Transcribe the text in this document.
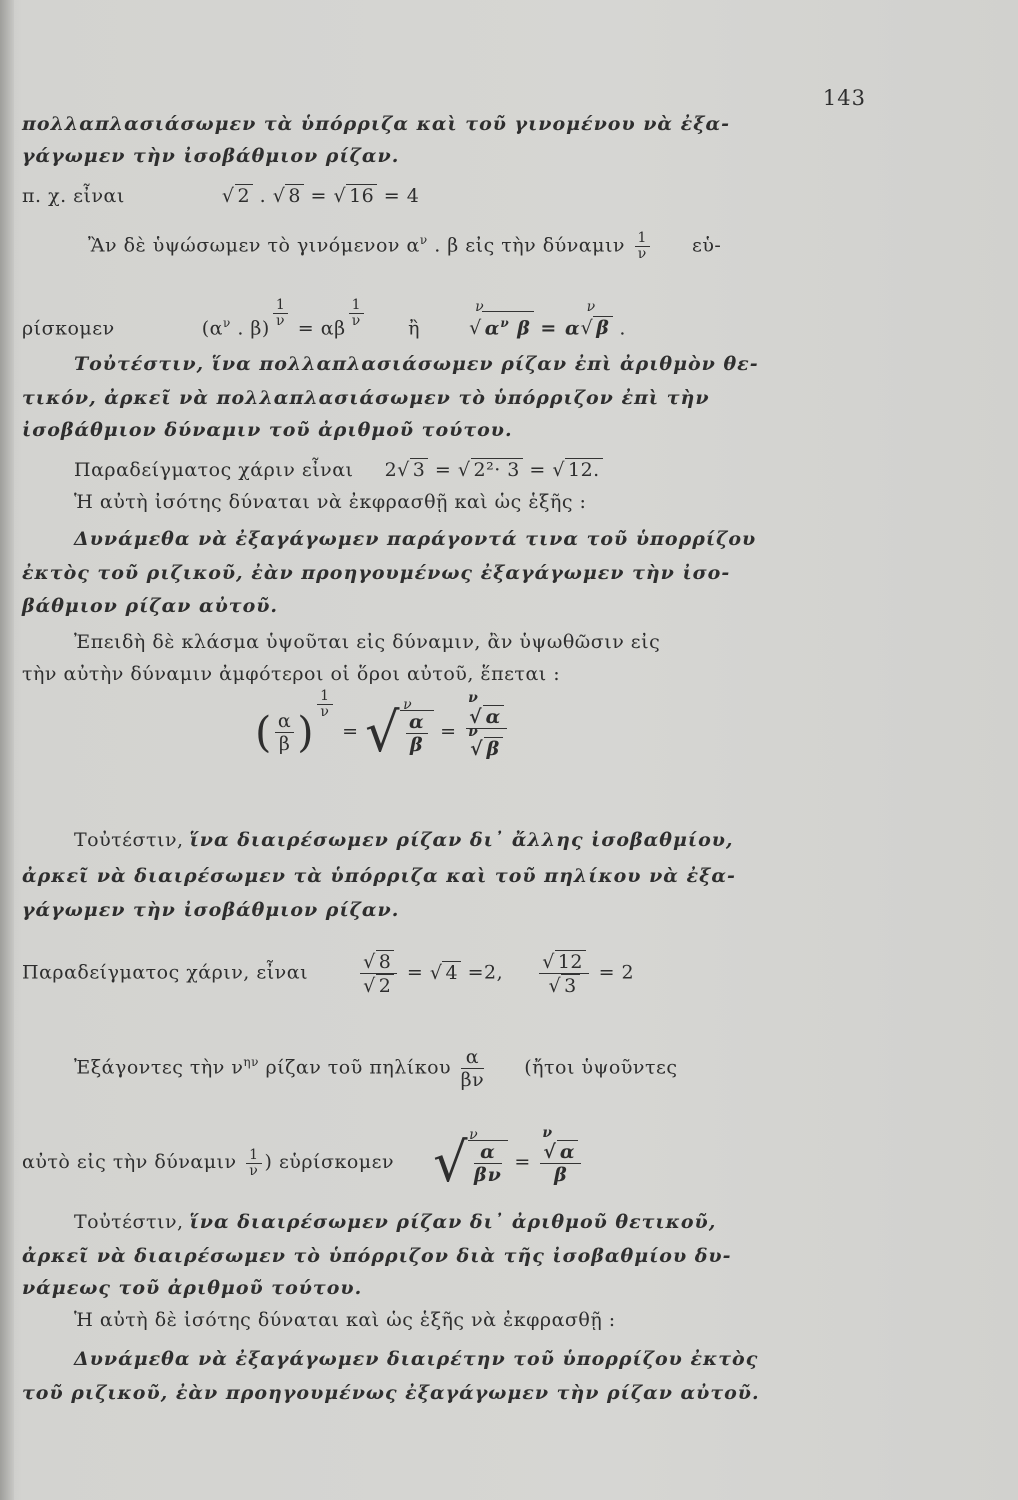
143
πολλαπλασιάσωμεν τὰ ὑπόρριζα καὶ τοῦ γινομένου νὰ ἐξα-
γάγωμεν τὴν ἰσοβάθμιον ρίζαν.
π. χ. εἶναι √	2 . √ 8 = √ 16 = 4
Ἂν δὲ ὑψώσωμεν τὸ γινόμενον $\alpha^\nu$ . β εἰς τὴν δύναμιν $\frac{1}{\nu}$ εὑ-
ρίσκομεν	($\alpha^\nu$ . β) $^{\frac{1}{\nu}}$ = αβ $^{\frac{1}{\nu}}$ ἢ
ν
√ $\alpha^\nu$ β = α
ν
√ β .
Τοὐτέστιν, ἵνα πολλαπλασιάσωμεν ρίζαν ἐπὶ ἀριθμὸν θε-
τικόν, ἀρκεῖ νὰ πολλαπλασιάσωμεν τὸ ὑπόρριζον ἐπὶ τὴν
ἰσοβάθμιον δύναμιν τοῦ ἀριθμοῦ τούτου.
Παραδείγματος χάριν εἶναι 2 √ 3 = √ 2²· 3 = √ 12.
Ἡ αὐτὴ ἰσότης δύναται νὰ ἐκφρασθῇ καὶ ὡς ἑξῆς :
Δυνάμεθα νὰ ἐξαγάγωμεν παράγοντά τινα τοῦ ὑπορρίζου
ἐκτὸς τοῦ ριζικοῦ, ἐὰν προηγουμένως ἐξαγάγωμεν τὴν ἰσο-
βάθμιον ρίζαν αὐτοῦ.
Ἐπειδὴ δὲ κλάσμα ὑψοῦται εἰς δύναμιν, ἂν ὑψωθῶσιν εἰς
τὴν αὐτὴν δύναμιν ἀμφότεροι οἱ ὅροι αὐτοῦ, ἕπεται :
( $\frac{\alpha}{\beta}$ )
$^{\frac{1}{\nu}}$
=
ν
√ $\frac{\alpha}{\beta} = \nu$
√ α
ν
√ β
Τοὐτέστιν, ἵνα διαιρέσωμεν ρίζαν δι᾿ ἄλλης ἰσοβαθμίου,
ἀρκεῖ νὰ διαιρέσωμεν τὰ ὑπόρριζα καὶ τοῦ πηλίκου νὰ ἐξα-
γάγωμεν τὴν ἰσοβάθμιον ρίζαν.
Παραδείγματος χάριν, εἶναι √	8
√ 2 = √ 4 =2, √ 12
√ 3 = 2
Ἐξάγοντες τὴν $\nu^{\eta\nu}$ ρίζαν τοῦ πηλίκου $\frac{\alpha}{\beta\nu}$ (ἤτοι ὑψοῦντες
αὐτὸ εἰς τὴν δύναμιν $\frac{1}{\nu}$ ) εὑρίσκομεν
ν
√ $\frac{\alpha}{\beta\nu} = \nu$
√ α
β
Τοὐτέστιν, ἵνα διαιρέσωμεν ρίζαν δι᾿ ἀριθμοῦ θετικοῦ,
ἀρκεῖ νὰ διαιρέσωμεν τὸ ὑπόρριζον διὰ τῆς ἰσοβαθμίου δυ-
νάμεως τοῦ ἀριθμοῦ τούτου.
Ἡ αὐτὴ δὲ ἰσότης δύναται καὶ ὡς ἑξῆς νὰ ἐκφρασθῇ :
Δυνάμεθα νὰ ἐξαγάγωμεν διαιρέτην τοῦ ὑπορρίζου ἐκτὸς
τοῦ ριζικοῦ, ἐὰν προηγουμένως ἐξαγάγωμεν τὴν ρίζαν αὐτοῦ.
